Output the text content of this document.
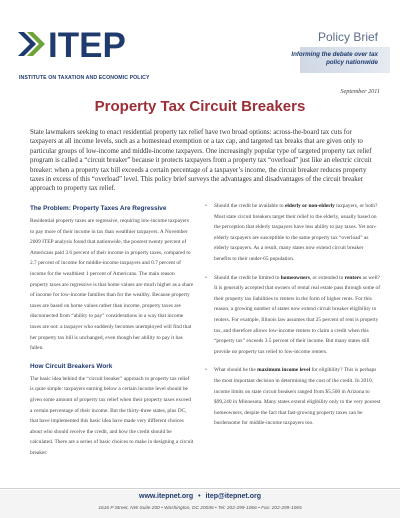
ITEP
INSTITUTE ON TAXATION AND ECONOMIC POLICY
Policy Brief
Informing the debate over tax policy nationwide
September 2011
Property Tax Circuit Breakers

State lawmakers seeking to enact residential property tax relief have two broad options: across-the-board tax cuts for taxpayers at all income levels, such as a homestead exemption or a tax cap, and targeted tax breaks that are given only to particular groups of low-income and middle-income taxpayers. One increasingly popular type of targeted property tax relief program is called a “circuit breaker” because it protects taxpayers from a property tax “overload” just like an electric circuit breaker: when a property tax bill exceeds a certain percentage of a taxpayer’s income, the circuit breaker reduces property taxes in excess of this “overload” level. This policy brief surveys the advantages and disadvantages of the circuit breaker approach to property tax relief.

The Problem: Property Taxes Are Regressive

Residential property taxes are regressive, requiring low-income taxpayers to pay more of their income in tax than wealthier taxpayers. A November 2009 ITEP analysis found that nationwide, the poorest twenty percent of Americans paid 3.6 percent of their income in property taxes, compared to 2.7 percent of income for middle-income taxpayers and 0.7 percent of income for the wealthiest 1 percent of Americans. The main reason property taxes are regressive is that home values are much higher as a share of income for low-income families than for the wealthy. Because property taxes are based on home values rather than income, property taxes are disconnected from “ability to pay” considerations in a way that income taxes are not: a taxpayer who suddenly becomes unemployed will find that her property tax bill is unchanged, even though her ability to pay it has fallen.

How Circuit Breakers Work

The basic idea behind the “circuit breaker” approach to property tax relief is quite simple: taxpayers earning below a certain income level should be given some amount of property tax relief when their property taxes exceed a certain percentage of their income. But the thirty-three states, plus DC, that have implemented this basic idea have made very different choices about who should receive the credit, and how the credit should be calculated. There are a series of basic choices to make in designing a circuit breaker:

• Should the credit be available to elderly or non-elderly taxpayers, or both? Most state circuit breakers target their relief to the elderly, usually based on the perception that elderly taxpayers have less ability to pay taxes. Yet non-elderly taxpayers are susceptible to the same property tax “overload” as elderly taxpayers. As a result, many states now extend circuit breaker benefits to their under-65 population.
• Should the credit be limited to homeowners, or extended to renters as well? It is generally accepted that owners of rental real estate pass through some of their property tax liabilities to renters in the form of higher rents. For this reason, a growing number of states now extend circuit breaker eligibility to renters. For example, Illinois law assumes that 25 percent of rent is property tax, and therefore allows low-income renters to claim a credit when this “property tax” exceeds 3.5 percent of their income. But many states still provide no property tax relief to low-income renters.
• What should be the maximum income level for eligibility? This is perhaps the most important decision in determining the cost of the credit. In 2010, income limits on state circuit breakers ranged from $5,500 in Arizona to $99,240 in Minnesota. Many states extend eligibility only to the very poorest homeowners, despite the fact that fast-growing property taxes can be burdensome for middle-income taxpayers too.
www.itepnet.org • itep@itepnet.org
1616 P Street, NW Suite 200 • Washington, DC 20036 • Tel: 202-299-1066 • Fax: 202-299-1065
